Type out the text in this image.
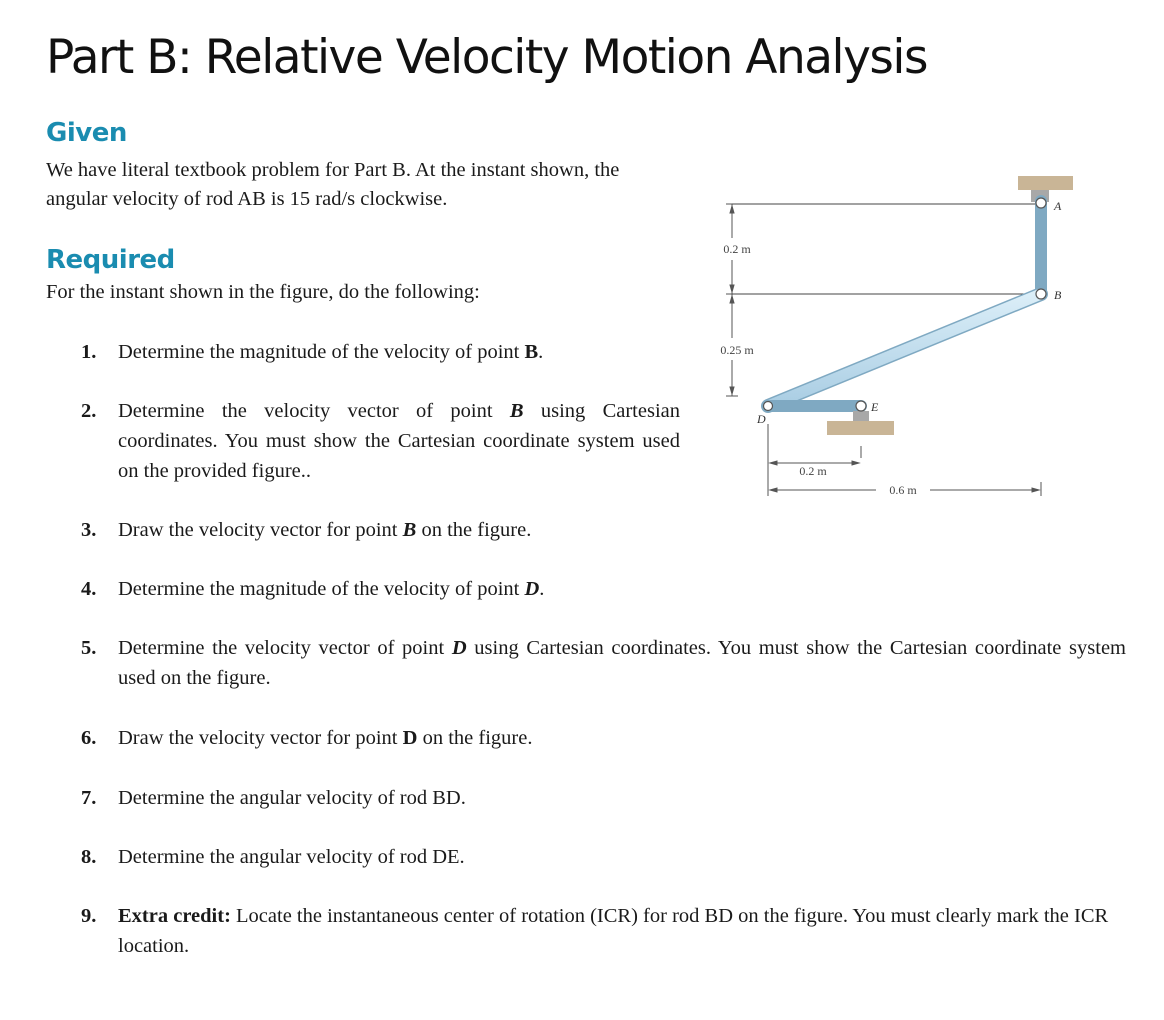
Part B: Relative Velocity Motion Analysis
Given

We have literal textbook problem for Part B. At the instant shown, the angular velocity of rod AB is 15 rad/s clockwise.

Required

For the instant shown in the figure, do the following:

1. Determine the magnitude of the velocity of point B.
2. Determine the velocity vector of point B using Cartesian coordinates. You must show the Cartesian coordinate system used on the provided figure..
3. Draw the velocity vector for point B on the figure.
4. Determine the magnitude of the velocity of point D.
5. Determine the velocity vector of point D using Cartesian coordinates. You must show the Cartesian coordinate system used on the figure.
6. Draw the velocity vector for point D on the figure.
7. Determine the angular velocity of rod BD.
8. Determine the angular velocity of rod DE.
9. Extra credit: Locate the instantaneous center of rotation (ICR) for rod BD on the figure. You must clearly mark the ICR location.
0.2 m
0.25 m
A
B
D
E
0.2 m
0.6 m
